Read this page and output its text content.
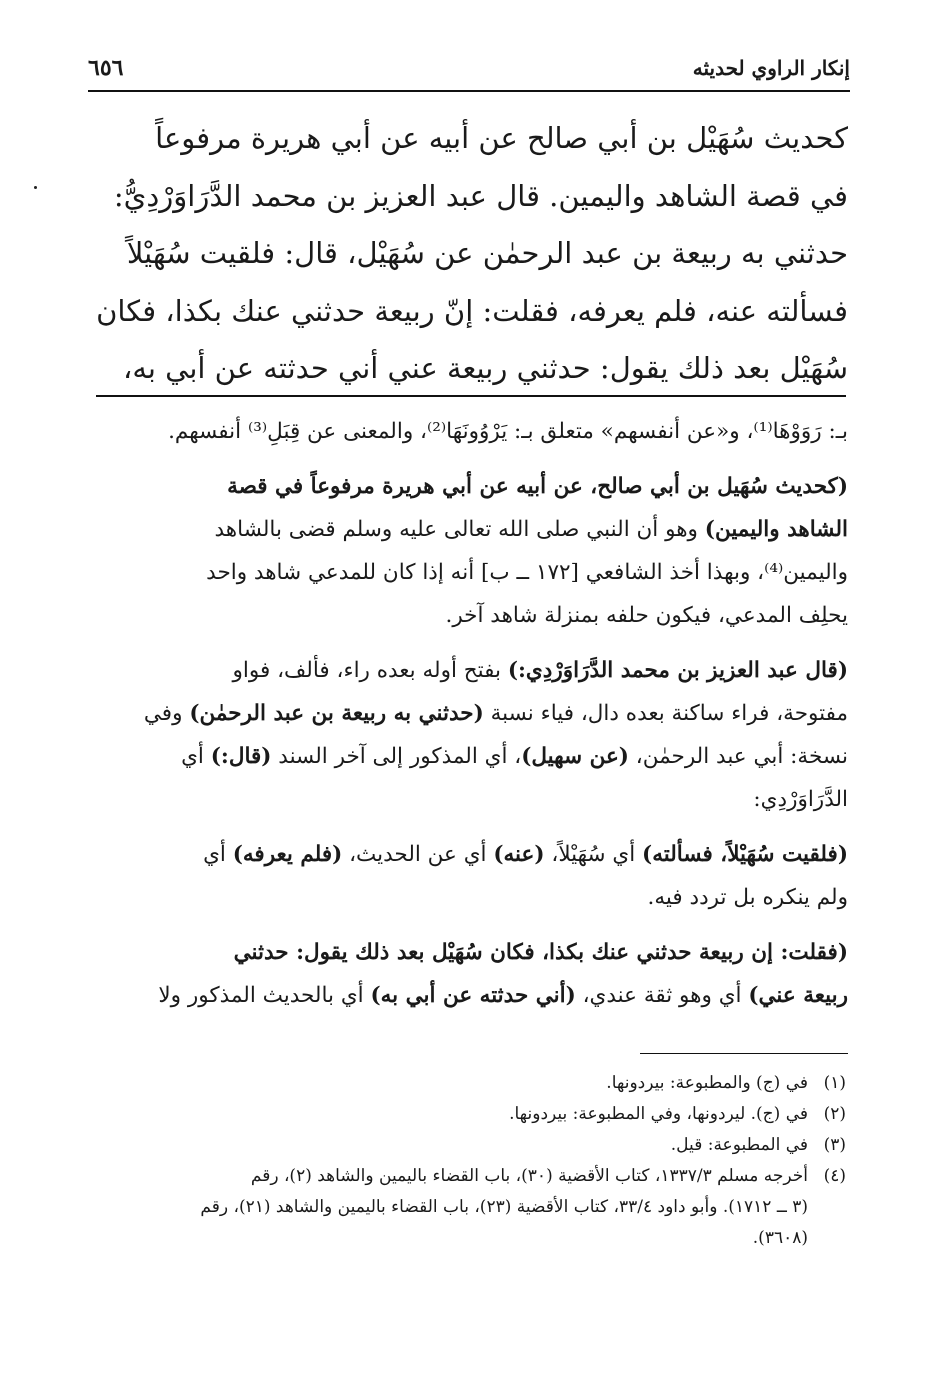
إنكار الراوي لحديثه
٦٥٦
كحديث سُهَيْل بن أبي صالح عن أبيه عن أبي هريرة مرفوعاً
في قصة الشاهد واليمين. قال عبد العزيز بن محمد الدَّرَاوَرْدِيُّ:
حدثني به ربيعة بن عبد الرحمٰن عن سُهَيْل، قال: فلقيت سُهَيْلاً
فسألته عنه، فلم يعرفه، فقلت: إنّ ربيعة حدثني عنك بكذا، فكان
سُهَيْل بعد ذلك يقول: حدثني ربيعة عني أني حدثته عن أبي به،
بـ: رَوَوْهَا⁽¹⁾، و«عن أنفسهم» متعلق بـ: يَرْوُونَهَا⁽²⁾، والمعنى عن قِبَلِ⁽³⁾ أنفسهم.
(كحديث سُهَيل بن أبي صالح، عن أبيه عن أبي هريرة مرفوعاً في قصة
الشاهد واليمين) وهو أن النبي صلى الله تعالى عليه وسلم قضى بالشاهد
واليمين⁽⁴⁾، وبهذا أخذ الشافعي [١٧٢ ــ ب] أنه إذا كان للمدعي شاهد واحد
يحلِف المدعي، فيكون حلفه بمنزلة شاهد آخر.
(قال عبد العزيز بن محمد الدَّرَاوَرْدِي:) بفتح أوله بعده راء، فألف، فواو
مفتوحة، فراء ساكنة بعده دال، فياء نسبة (حدثني به ربيعة بن عبد الرحمٰن) وفي
نسخة: أبي عبد الرحمٰن، (عن سهيل)، أي المذكور إلى آخر السند (قال:) أي
الدَّرَاوَرْدِي:
(فلقيت سُهَيْلاً، فسألته) أي سُهَيْلاً، (عنه) أي عن الحديث، (فلم يعرفه) أي
ولم ينكره بل تردد فيه.
(فقلت: إن ربيعة حدثني عنك بكذا، فكان سُهَيْل بعد ذلك يقول: حدثني
ربيعة عني) أي وهو ثقة عندي، (أني حدثته عن أبي به) أي بالحديث المذكور ولا
(١)
في (ج) والمطبوعة: بيردونها.
(٢)
في (ج). ليردونها، وفي المطبوعة: بيردونها.
(٣)
في المطبوعة: قيل.
(٤)
أخرجه مسلم ١٣٣٧/٣، كتاب الأقضية (٣٠)، باب القضاء باليمين والشاهد (٢)، رقم
(٣ ــ ١٧١٢). وأبو داود ٣٣/٤، كتاب الأقضية (٢٣)، باب القضاء باليمين والشاهد (٢١)، رقم
(٣٦٠٨).
